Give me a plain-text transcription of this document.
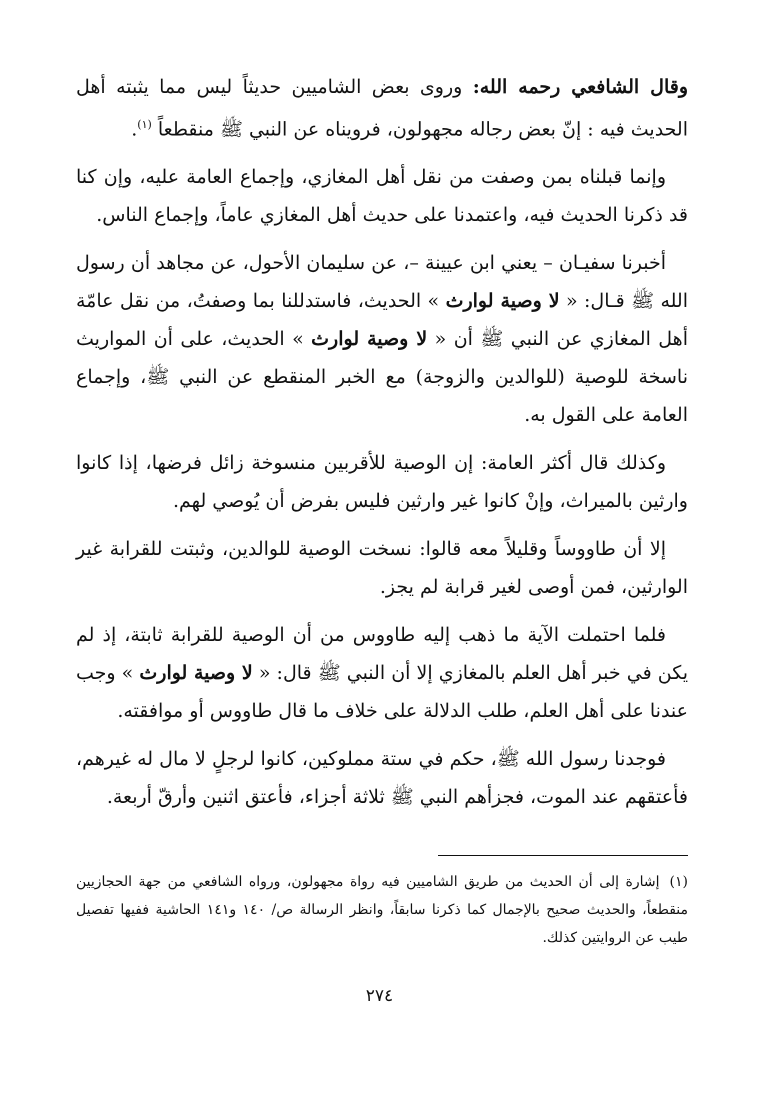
وقال الشافعي رحمه الله: وروى بعض الشاميين حديثاً ليس مما يثبته أهل الحديث فيه : إنّ بعض رجاله مجهولون، فرويناه عن النبي ﷺ منقطعاً $^{(١)}$.

وإنما قبلناه بمن وصفت من نقل أهل المغازي، وإجماع العامة عليه، وإن كنا قد ذكرنا الحديث فيه، واعتمدنا على حديث أهل المغازي عاماً، وإجماع الناس.

أخبرنا سفيـان – يعني ابن عيينة –، عن سليمان الأحول، عن مجاهد أن رسول الله ﷺ قـال: « لا وصية لوارث » الحديث، فاستدللنا بما وصفتُ، من نقل عامّة أهل المغازي عن النبي ﷺ أن « لا وصية لوارث » الحديث، على أن المواريث ناسخة للوصية (للوالدين والزوجة) مع الخبر المنقطع عن النبي ﷺ، وإجماع العامة على القول به.

وكذلك قال أكثر العامة: إن الوصية للأقربين منسوخة زائل فرضها، إذا كانوا وارثين بالميراث، وإنْ كانوا غير وارثين فليس بفرض أن يُوصي لهم.

إلا أن طاووساً وقليلاً معه قالوا: نسخت الوصية للوالدين، وثبتت للقرابة غير الوارثين، فمن أوصى لغير قرابة لم يجز.

فلما احتملت الآية ما ذهب إليه طاووس من أن الوصية للقرابة ثابتة، إذ لم يكن في خبر أهل العلم بالمغازي إلا أن النبي ﷺ قال: « لا وصية لوارث » وجب عندنا على أهل العلم، طلب الدلالة على خلاف ما قال طاووس أو موافقته.

فوجدنا رسول الله ﷺ، حكم في ستة مملوكين، كانوا لرجلٍ لا مال له غيرهم، فأعتقهم عند الموت، فجزأهم النبي ﷺ ثلاثة أجزاء، فأعتق اثنين وأرقّ أربعة.

(١)إشارة إلى أن الحديث من طريق الشاميين فيه رواة مجهولون، ورواه الشافعي من جهة الحجازيين منقطعاً، والحديث صحيح بالإجمال كما ذكرنا سابقاً، وانظر الرسالة ص/ ١٤٠ و١٤١ الحاشية ففيها تفصيل طيب عن الروايتين كذلك.
٢٧٤
